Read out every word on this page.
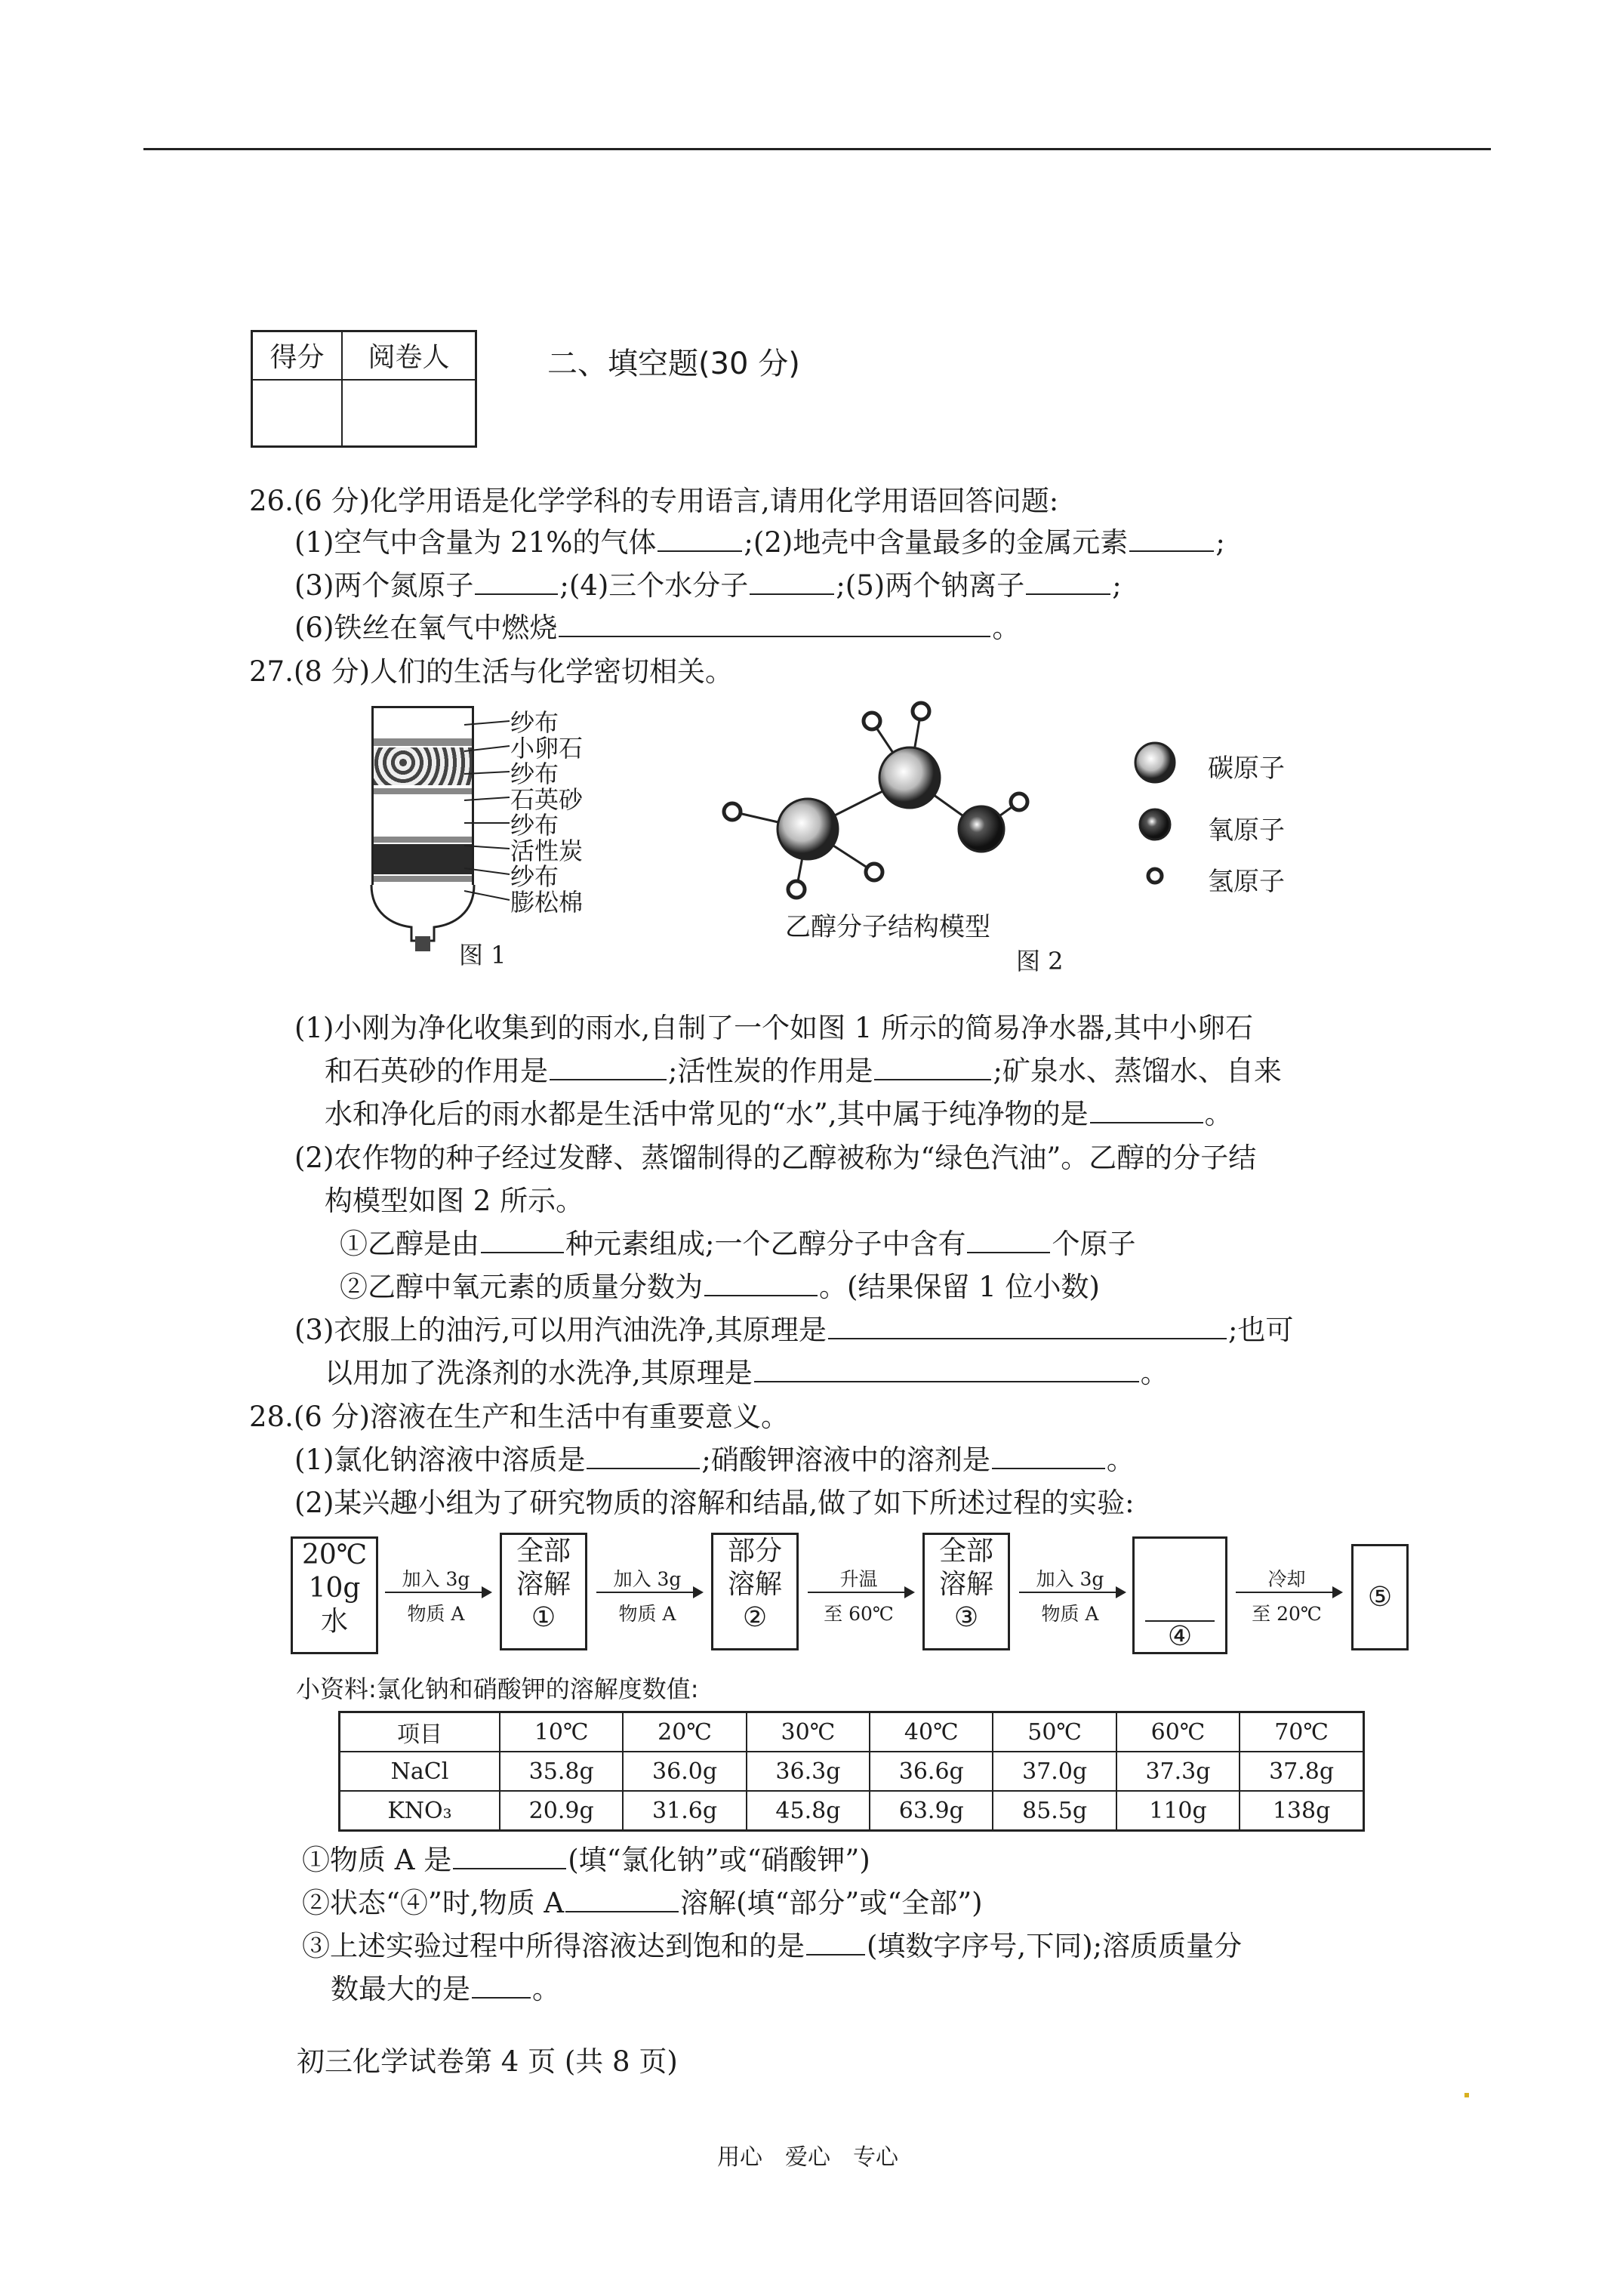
得分	阅卷人
		二、填空题(30 分)
26.(6 分)化学用语是化学学科的专用语言,请用化学用语回答问题:
(1)空气中含量为 21%的气体	;(2)地壳中含量最多的金属元素	;
(3)两个氮原子	;(4)三个水分子	;(5)两个钠离子	;
(6)铁丝在氧气中燃烧	。
27.(8 分)人们的生活与化学密切相关。
纱布
小卵石
纱布
石英砂
纱布
活性炭
纱布
膨松棉
图 1
乙醇分子结构模型
图 2
碳原子
氧原子
氢原子
(1)小刚为净化收集到的雨水,自制了一个如图 1 所示的简易净水器,其中小卵石
和石英砂的作用是	;活性炭的作用是	;矿泉水、蒸馏水、自来
水和净化后的雨水都是生活中常见的“水”,其中属于纯净物的是	。
(2)农作物的种子经过发酵、蒸馏制得的乙醇被称为“绿色汽油”。乙醇的分子结
构模型如图 2 所示。
①乙醇是由	种元素组成;一个乙醇分子中含有	个原子
②乙醇中氧元素的质量分数为	。(结果保留 1 位小数)
(3)衣服上的油污,可以用汽油洗净,其原理是	;也可
以用加了洗涤剂的水洗净,其原理是	。
28.(6 分)溶液在生产和生活中有重要意义。
(1)氯化钠溶液中溶质是	;硝酸钾溶液中的溶剂是	。
(2)某兴趣小组为了研究物质的溶解和结晶,做了如下所述过程的实验:
20℃
10g
水
加入 3g
物质 A
全部
溶解
①
加入 3g
物质 A
部分
溶解
②
升温
至 60℃
全部
溶解
③
加入 3g
物质 A
④
冷却
至 20℃
⑤
小资料:氯化钠和硝酸钾的溶解度数值:
项目	10℃	20℃	30℃	40℃	50℃	60℃	70℃
NaCl	35.8g	36.0g	36.3g	36.6g	37.0g	37.3g	37.8g
KNO₃	20.9g	31.6g	45.8g	63.9g	85.5g	110g	138g
①物质 A 是	(填“氯化钠”或“硝酸钾”)
②状态“④”时,物质 A	溶解(填“部分”或“全部”)
③上述实验过程中所得溶液达到饱和的是 (填数字序号,下同);溶质质量分
数最大的是 。
初三化学试卷第 4 页 (共 8 页)
用心　爱心　专心
